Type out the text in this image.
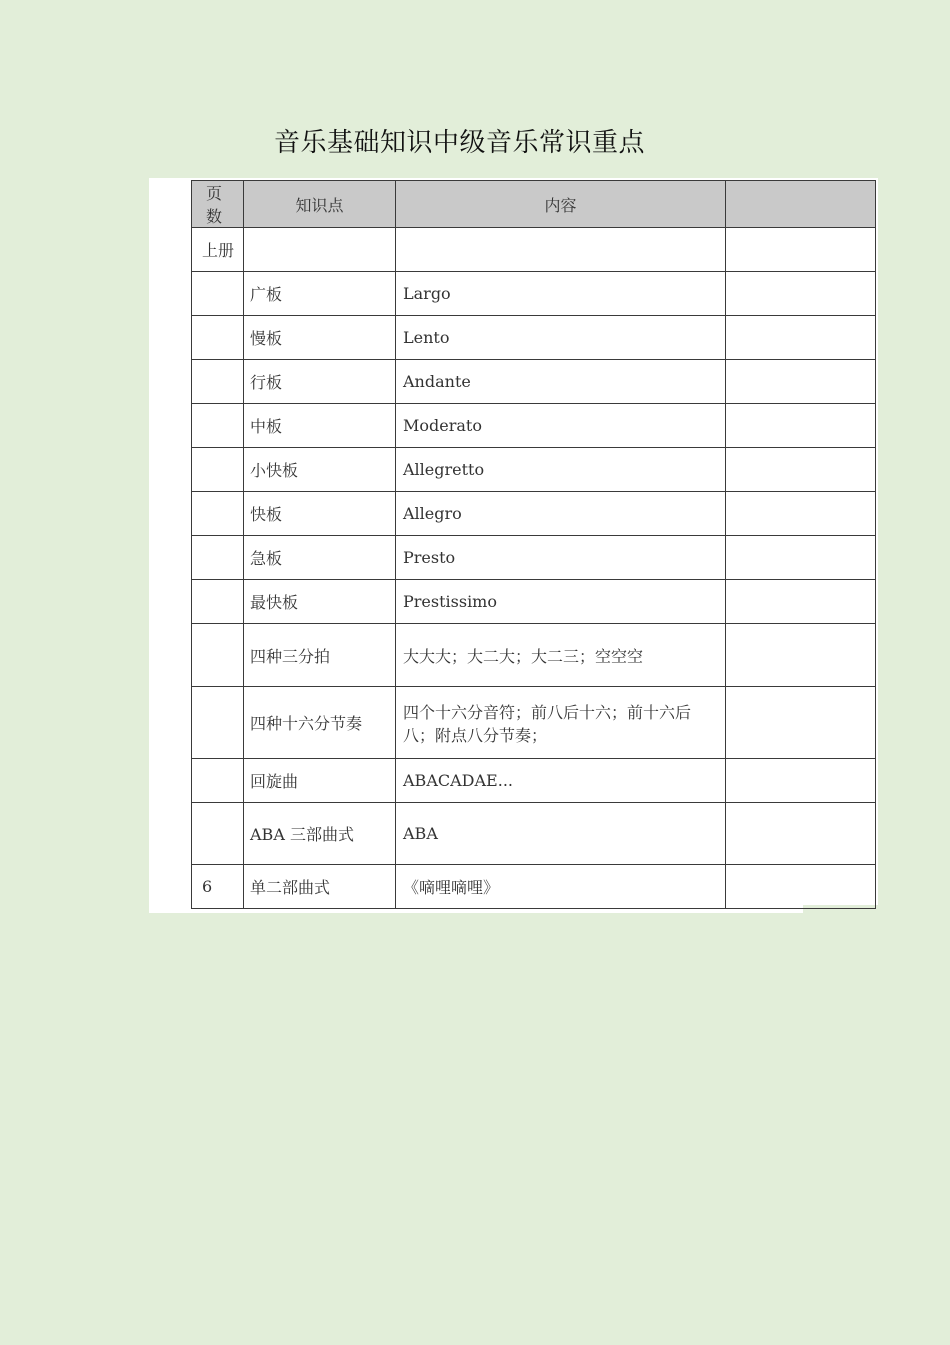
音乐基础知识中级音乐常识重点
页数	知识点	内容	
上册			
	广板	Largo	
	慢板	Lento	
	行板	Andante	
	中板	Moderato	
	小快板	Allegretto	
	快板	Allegro	
	急板	Presto	
	最快板	Prestissimo	
	四种三分拍	大大大；大二大；大二三；空空空	
	四种十六分节奏	四个十六分音符；前八后十六；前十六后八；附点八分节奏；	
	回旋曲	ABACADAE...	
	ABA 三部曲式	ABA	
6	单二部曲式	《嘀哩嘀哩》	
